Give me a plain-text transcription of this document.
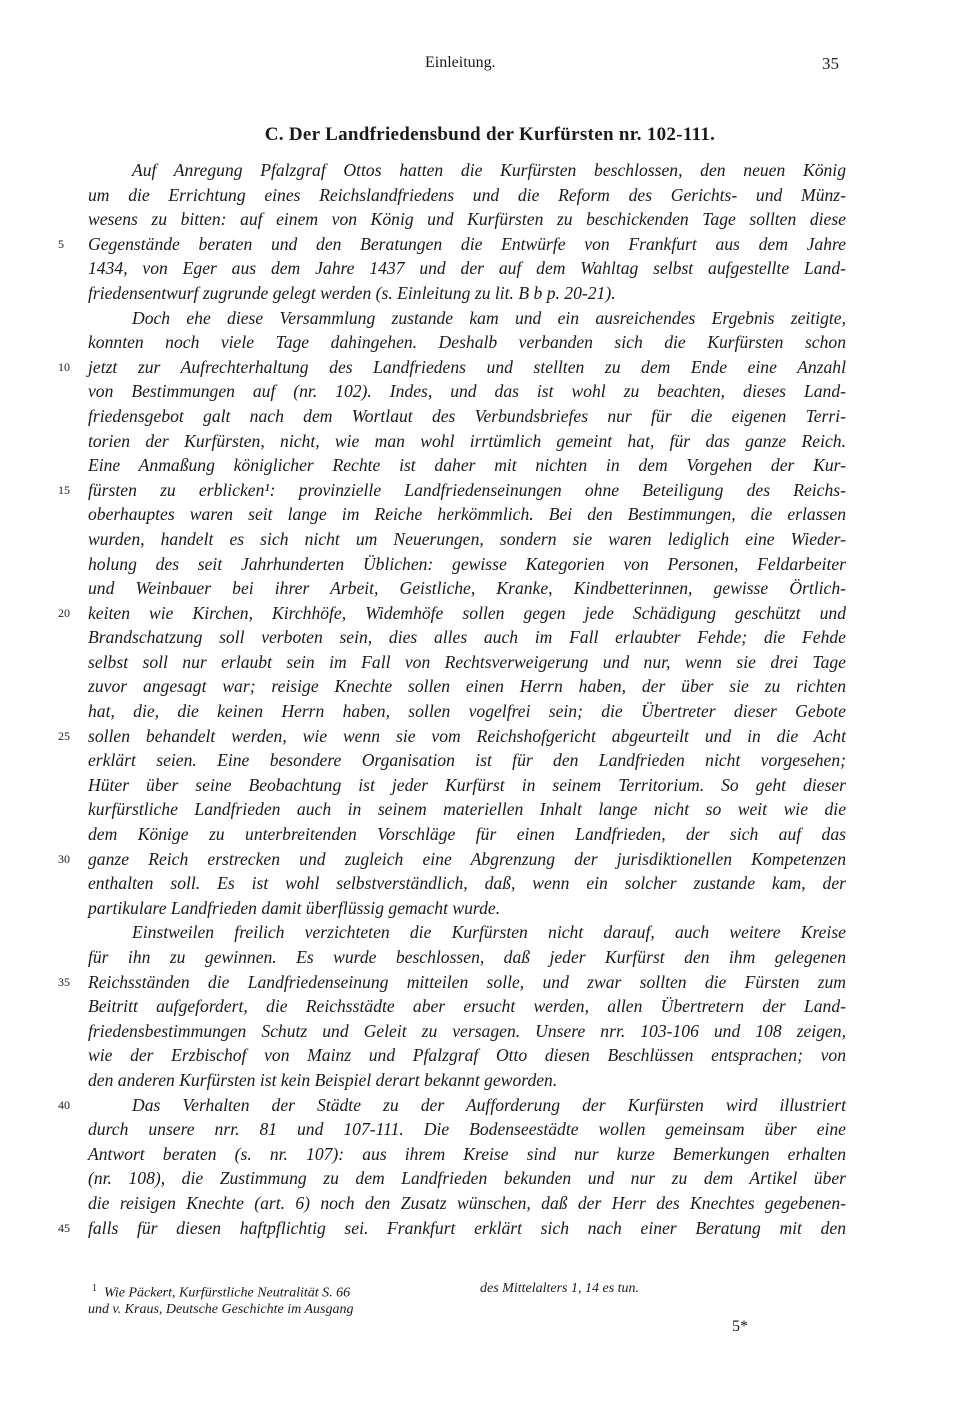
Einleitung.	35
C. Der Landfriedensbund der Kurfürsten nr. 102-111.
Auf Anregung Pfalzgraf Ottos hatten die Kurfürsten beschlossen, den neuen König
um die Errichtung eines Reichslandfriedens und die Reform des Gerichts- und Münz-
wesens zu bitten: auf einem von König und Kurfürsten zu beschickenden Tage sollten diese
5	Gegenstände beraten und den Beratungen die Entwürfe von Frankfurt aus dem Jahre
1434, von Eger aus dem Jahre 1437 und der auf dem Wahltag selbst aufgestellte Land-
friedensentwurf zugrunde gelegt werden (s. Einleitung zu lit. B b p. 20-21).
Doch ehe diese Versammlung zustande kam und ein ausreichendes Ergebnis zeitigte,
konnten noch viele Tage dahingehen. Deshalb verbanden sich die Kurfürsten schon
10	jetzt zur Aufrechterhaltung des Landfriedens und stellten zu dem Ende eine Anzahl
von Bestimmungen auf (nr. 102). Indes, und das ist wohl zu beachten, dieses Land-
friedensgebot galt nach dem Wortlaut des Verbundsbriefes nur für die eigenen Terri-
torien der Kurfürsten, nicht, wie man wohl irrtümlich gemeint hat, für das ganze Reich.
Eine Anmaßung königlicher Rechte ist daher mit nichten in dem Vorgehen der Kur-
15	fürsten zu erblicken¹: provinzielle Landfriedenseinungen ohne Beteiligung des Reichs-
oberhauptes waren seit lange im Reiche herkömmlich. Bei den Bestimmungen, die erlassen
wurden, handelt es sich nicht um Neuerungen, sondern sie waren lediglich eine Wieder-
holung des seit Jahrhunderten Üblichen: gewisse Kategorien von Personen, Feldarbeiter
und Weinbauer bei ihrer Arbeit, Geistliche, Kranke, Kindbetterinnen, gewisse Örtlich-
20	keiten wie Kirchen, Kirchhöfe, Widemhöfe sollen gegen jede Schädigung geschützt und
Brandschatzung soll verboten sein, dies alles auch im Fall erlaubter Fehde; die Fehde
selbst soll nur erlaubt sein im Fall von Rechtsverweigerung und nur, wenn sie drei Tage
zuvor angesagt war; reisige Knechte sollen einen Herrn haben, der über sie zu richten
hat, die, die keinen Herrn haben, sollen vogelfrei sein; die Übertreter dieser Gebote
25	sollen behandelt werden, wie wenn sie vom Reichshofgericht abgeurteilt und in die Acht
erklärt seien. Eine besondere Organisation ist für den Landfrieden nicht vorgesehen;
Hüter über seine Beobachtung ist jeder Kurfürst in seinem Territorium. So geht dieser
kurfürstliche Landfrieden auch in seinem materiellen Inhalt lange nicht so weit wie die
dem Könige zu unterbreitenden Vorschläge für einen Landfrieden, der sich auf das
30	ganze Reich erstrecken und zugleich eine Abgrenzung der jurisdiktionellen Kompetenzen
enthalten soll. Es ist wohl selbstverständlich, daß, wenn ein solcher zustande kam, der
partikulare Landfrieden damit überflüssig gemacht wurde.
Einstweilen freilich verzichteten die Kurfürsten nicht darauf, auch weitere Kreise
für ihn zu gewinnen. Es wurde beschlossen, daß jeder Kurfürst den ihm gelegenen
35	Reichsständen die Landfriedenseinung mitteilen solle, und zwar sollten die Fürsten zum
Beitritt aufgefordert, die Reichsstädte aber ersucht werden, allen Übertretern der Land-
friedensbestimmungen Schutz und Geleit zu versagen. Unsere nrr. 103-106 und 108 zeigen,
wie der Erzbischof von Mainz und Pfalzgraf Otto diesen Beschlüssen entsprachen; von
den anderen Kurfürsten ist kein Beispiel derart bekannt geworden.
40	Das Verhalten der Städte zu der Aufforderung der Kurfürsten wird illustriert
durch unsere nrr. 81 und 107-111. Die Bodenseestädte wollen gemeinsam über eine
Antwort beraten (s. nr. 107): aus ihrem Kreise sind nur kurze Bemerkungen erhalten
(nr. 108), die Zustimmung zu dem Landfrieden bekunden und nur zu dem Artikel über
die reisigen Knechte (art. 6) noch den Zusatz wünschen, daß der Herr des Knechtes gegebenen-
45	falls für diesen haftpflichtig sei. Frankfurt erklärt sich nach einer Beratung mit den
$^1$ Wie Päckert, Kurfürstliche Neutralität S. 66	des Mittelalters 1, 14 es tun.
und v. Kraus, Deutsche Geschichte im Ausgang
5*
